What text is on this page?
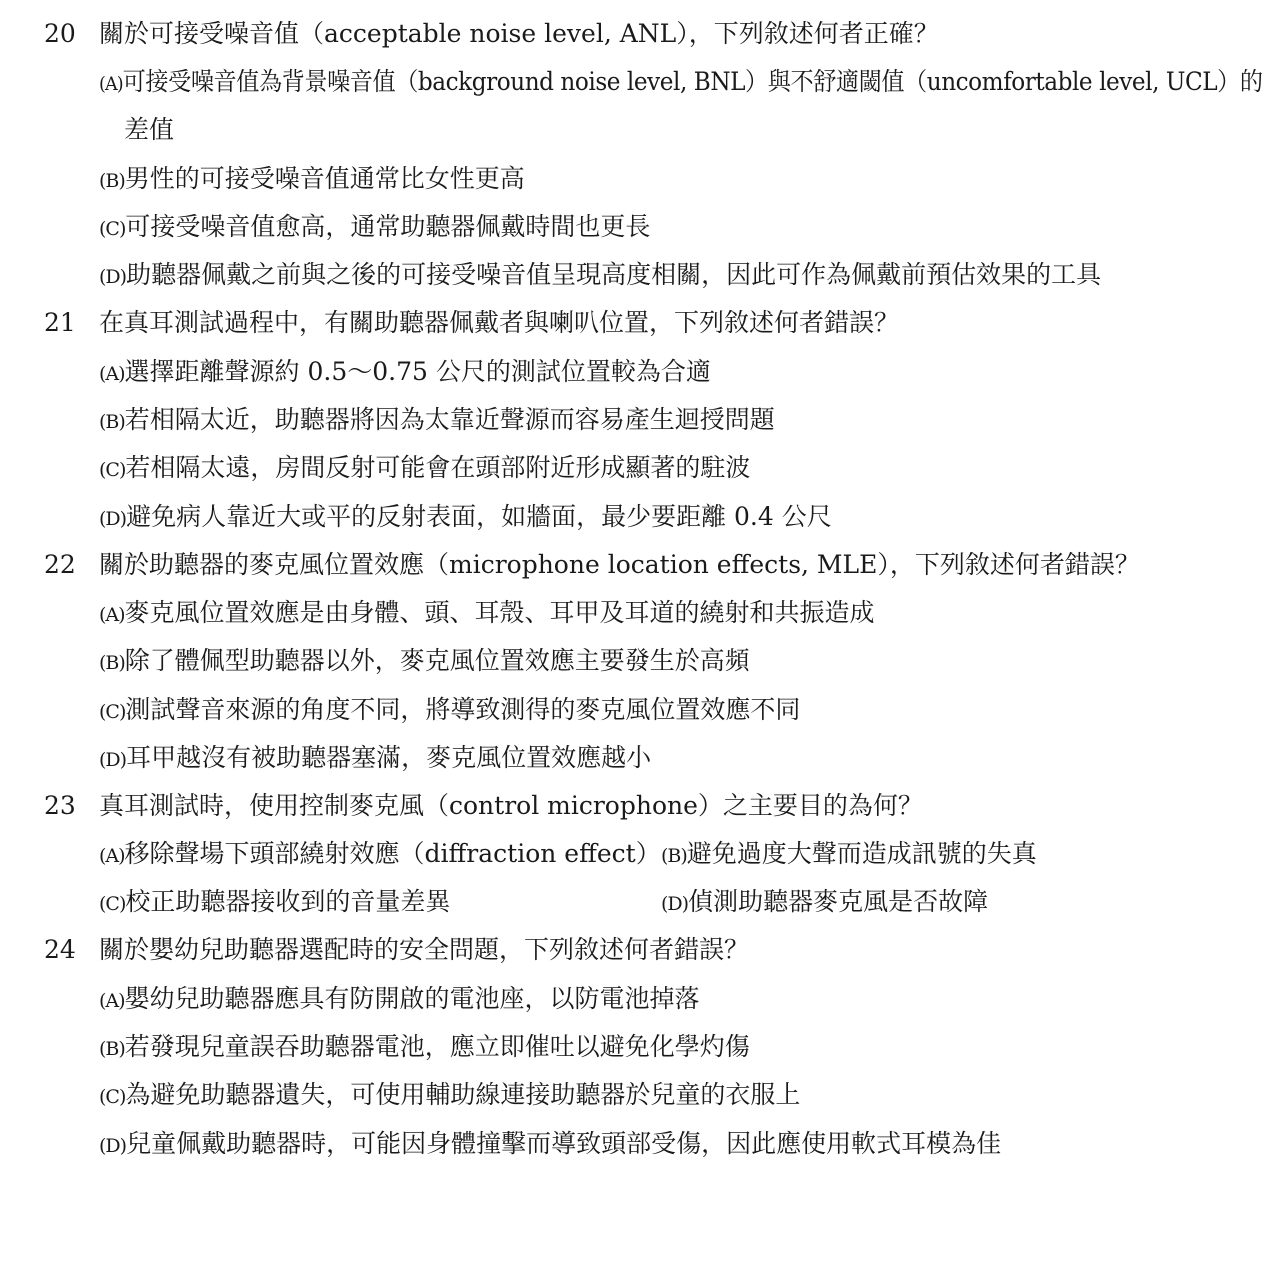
20 關於可接受噪音值（acceptable noise level, ANL），下列敘述何者正確？
(A)可接受噪音值為背景噪音值（background noise level, BNL）與不舒適閾值（uncomfortable level, UCL）的
差值
(B)男性的可接受噪音值通常比女性更高
(C)可接受噪音值愈高，通常助聽器佩戴時間也更長
(D)助聽器佩戴之前與之後的可接受噪音值呈現高度相關，因此可作為佩戴前預估效果的工具
21 在真耳測試過程中，有關助聽器佩戴者與喇叭位置，下列敘述何者錯誤？
(A)選擇距離聲源約 0.5～0.75 公尺的測試位置較為合適
(B)若相隔太近，助聽器將因為太靠近聲源而容易產生迴授問題
(C)若相隔太遠，房間反射可能會在頭部附近形成顯著的駐波
(D)避免病人靠近大或平的反射表面，如牆面，最少要距離 0.4 公尺
22 關於助聽器的麥克風位置效應（microphone location effects, MLE），下列敘述何者錯誤？
(A)麥克風位置效應是由身體、頭、耳殼、耳甲及耳道的繞射和共振造成
(B)除了體佩型助聽器以外，麥克風位置效應主要發生於高頻
(C)測試聲音來源的角度不同，將導致測得的麥克風位置效應不同
(D)耳甲越沒有被助聽器塞滿，麥克風位置效應越小
23 真耳測試時，使用控制麥克風（control microphone）之主要目的為何？
(A)移除聲場下頭部繞射效應（diffraction effect） (B)避免過度大聲而造成訊號的失真
(C)校正助聽器接收到的音量差異	(D)偵測助聽器麥克風是否故障
24 關於嬰幼兒助聽器選配時的安全問題，下列敘述何者錯誤？
(A)嬰幼兒助聽器應具有防開啟的電池座，以防電池掉落
(B)若發現兒童誤吞助聽器電池，應立即催吐以避免化學灼傷
(C)為避免助聽器遺失，可使用輔助線連接助聽器於兒童的衣服上
(D)兒童佩戴助聽器時，可能因身體撞擊而導致頭部受傷，因此應使用軟式耳模為佳
